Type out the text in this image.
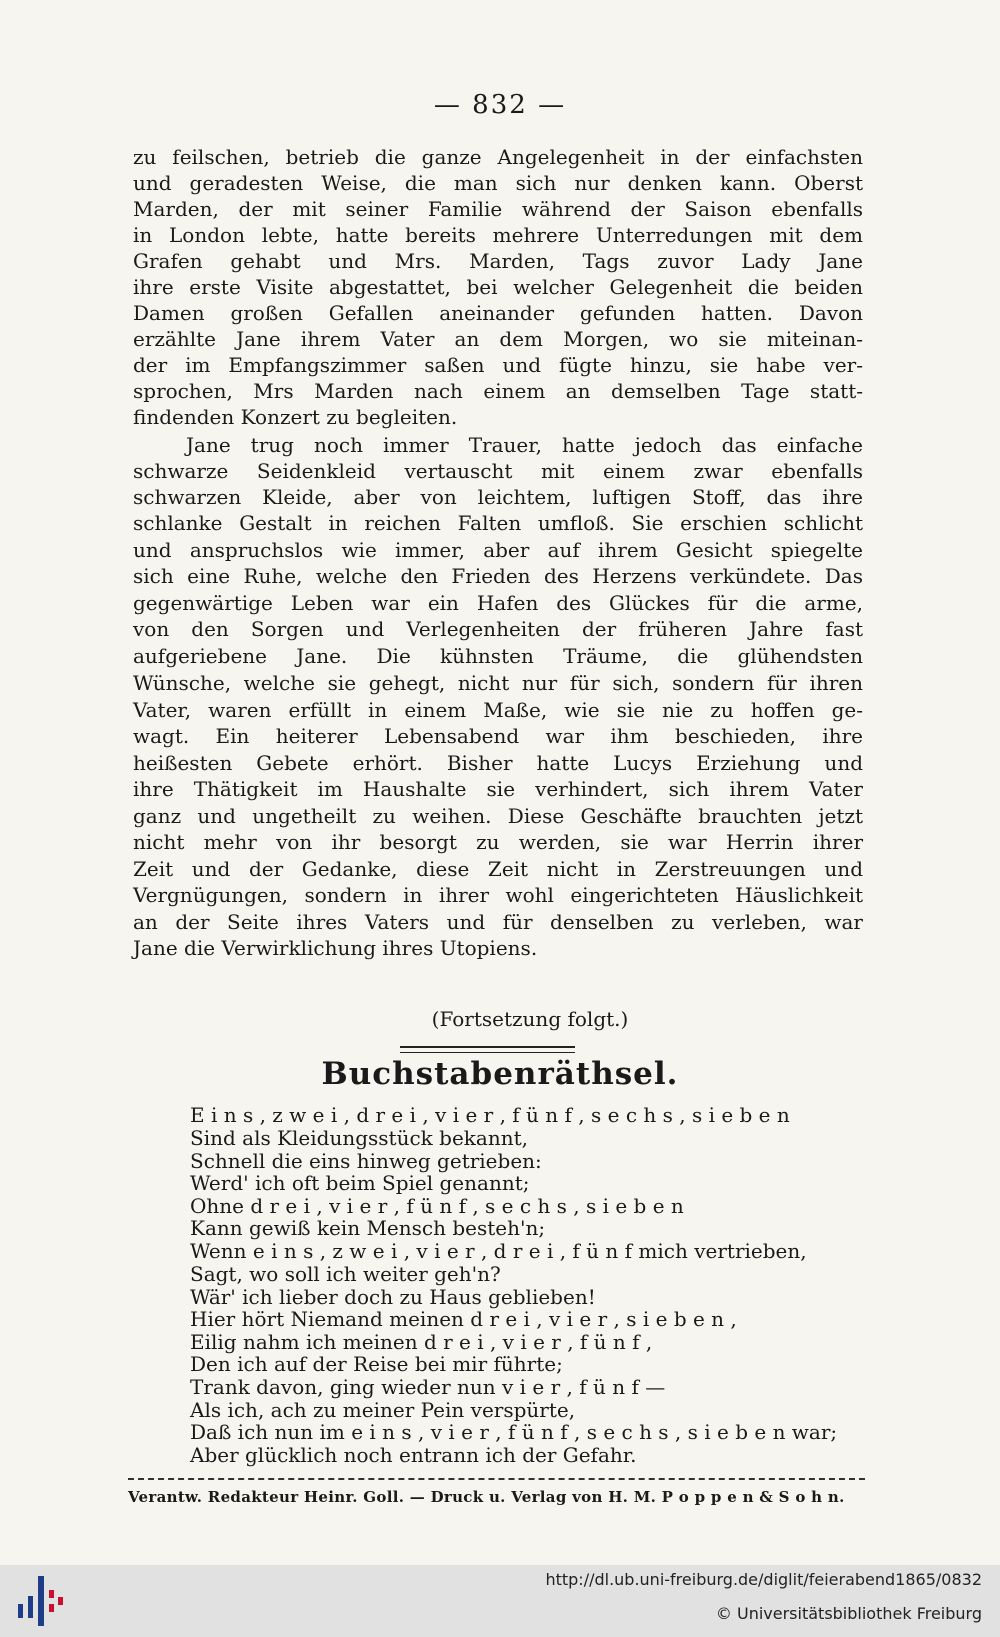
— 832 —
zu feilschen, betrieb die ganze Angelegenheit in der einfachsten
und geradesten Weise, die man sich nur denken kann. Oberst
Marden, der mit seiner Familie während der Saison ebenfalls
in London lebte, hatte bereits mehrere Unterredungen mit dem
Grafen gehabt und Mrs. Marden, Tags zuvor Lady Jane
ihre erste Visite abgestattet, bei welcher Gelegenheit die beiden
Damen großen Gefallen aneinander gefunden hatten. Davon
erzählte Jane ihrem Vater an dem Morgen, wo sie miteinan-
der im Empfangszimmer saßen und fügte hinzu, sie habe ver-
sprochen, Mrs Marden nach einem an demselben Tage statt-
findenden Konzert zu begleiten.
Jane trug noch immer Trauer, hatte jedoch das einfache
schwarze Seidenkleid vertauscht mit einem zwar ebenfalls
schwarzen Kleide, aber von leichtem, luftigen Stoff, das ihre
schlanke Gestalt in reichen Falten umfloß. Sie erschien schlicht
und anspruchslos wie immer, aber auf ihrem Gesicht spiegelte
sich eine Ruhe, welche den Frieden des Herzens verkündete. Das
gegenwärtige Leben war ein Hafen des Glückes für die arme,
von den Sorgen und Verlegenheiten der früheren Jahre fast
aufgeriebene Jane. Die kühnsten Träume, die glühendsten
Wünsche, welche sie gehegt, nicht nur für sich, sondern für ihren
Vater, waren erfüllt in einem Maße, wie sie nie zu hoffen ge-
wagt. Ein heiterer Lebensabend war ihm beschieden, ihre
heißesten Gebete erhört. Bisher hatte Lucys Erziehung und
ihre Thätigkeit im Haushalte sie verhindert, sich ihrem Vater
ganz und ungetheilt zu weihen. Diese Geschäfte brauchten jetzt
nicht mehr von ihr besorgt zu werden, sie war Herrin ihrer
Zeit und der Gedanke, diese Zeit nicht in Zerstreuungen und
Vergnügungen, sondern in ihrer wohl eingerichteten Häuslichkeit
an der Seite ihres Vaters und für denselben zu verleben, war
Jane die Verwirklichung ihres Utopiens.
(Fortsetzung folgt.)
Buchstabenräthsel.
E i n s , z w e i , d r e i , v i e r , f ü n f , s e c h s , s i e b e n
Sind als Kleidungsstück bekannt,
Schnell die eins hinweg getrieben:
Werd' ich oft beim Spiel genannt;
Ohne d r e i , v i e r , f ü n f , s e c h s , s i e b e n
Kann gewiß kein Mensch besteh'n;
Wenn e i n s , z w e i , v i e r , d r e i , f ü n f mich vertrieben,
Sagt, wo soll ich weiter geh'n?
Wär' ich lieber doch zu Haus geblieben!
Hier hört Niemand meinen d r e i , v i e r , s i e b e n ,
Eilig nahm ich meinen d r e i , v i e r , f ü n f ,
Den ich auf der Reise bei mir führte;
Trank davon, ging wieder nun v i e r , f ü n f —
Als ich, ach zu meiner Pein verspürte,
Daß ich nun im e i n s , v i e r , f ü n f , s e c h s , s i e b e n war;
Aber glücklich noch entrann ich der Gefahr.
Verantw. Redakteur Heinr. Goll. — Druck u. Verlag von H. M. P o p p e n & S o h n.
http://dl.ub.uni-freiburg.de/diglit/feierabend1865/0832
© Universitätsbibliothek Freiburg
